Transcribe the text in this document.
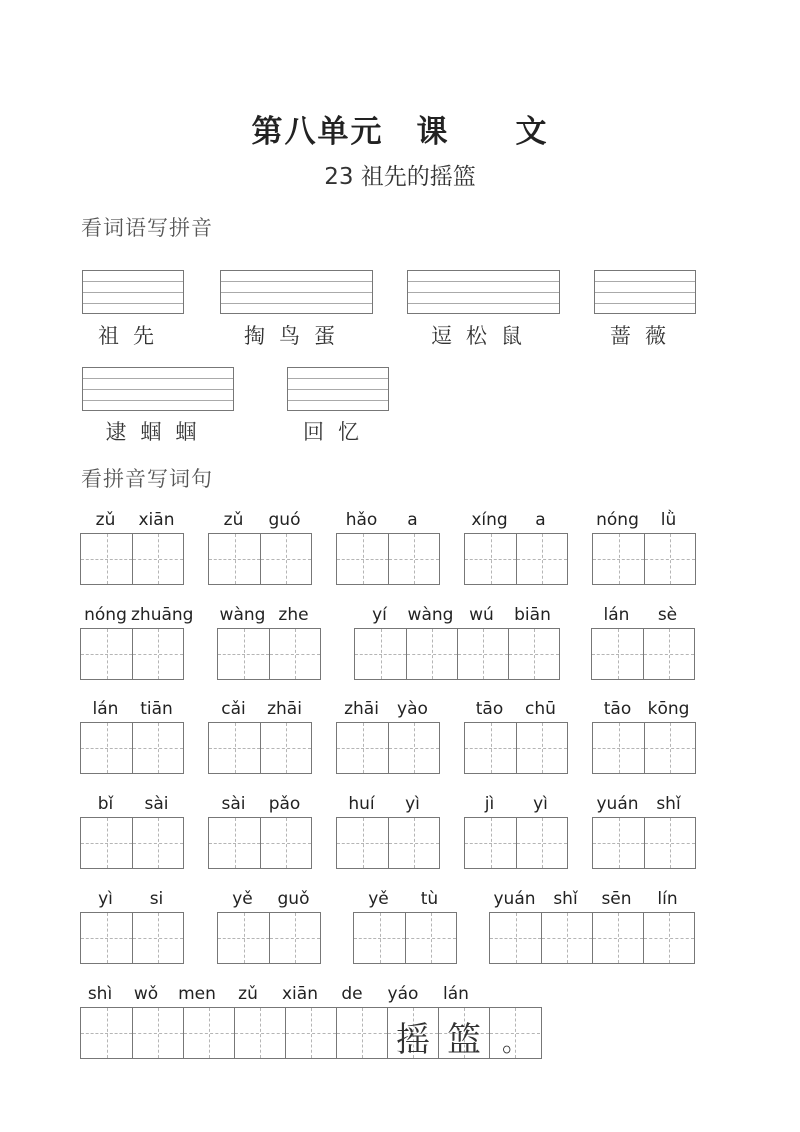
第八单元　课　　文
23 祖先的摇篮
看词语写拼音
祖先	掏鸟蛋	逗松鼠	蔷薇
逮蝈蝈	回忆
看拼音写词句
zǔ	xiān	zǔ	guó	hǎo	a	xíng	a	nóng	lǜ
nóng zhuāng wàng zhe	yí	wàng wú	biān	lán	sè
lán	tiān	cǎi	zhāi	zhāi	yào	tāo	chū	tāo kōng
bǐ	sài	sài	pǎo	huí	yì	jì	yì	yuán	shǐ
yì	si	yě	guǒ	yě	tù	yuán	shǐ	sēn	lín
shì	wǒ	men	zǔ	xiān	de	yáo	lán
摇 篮 。
